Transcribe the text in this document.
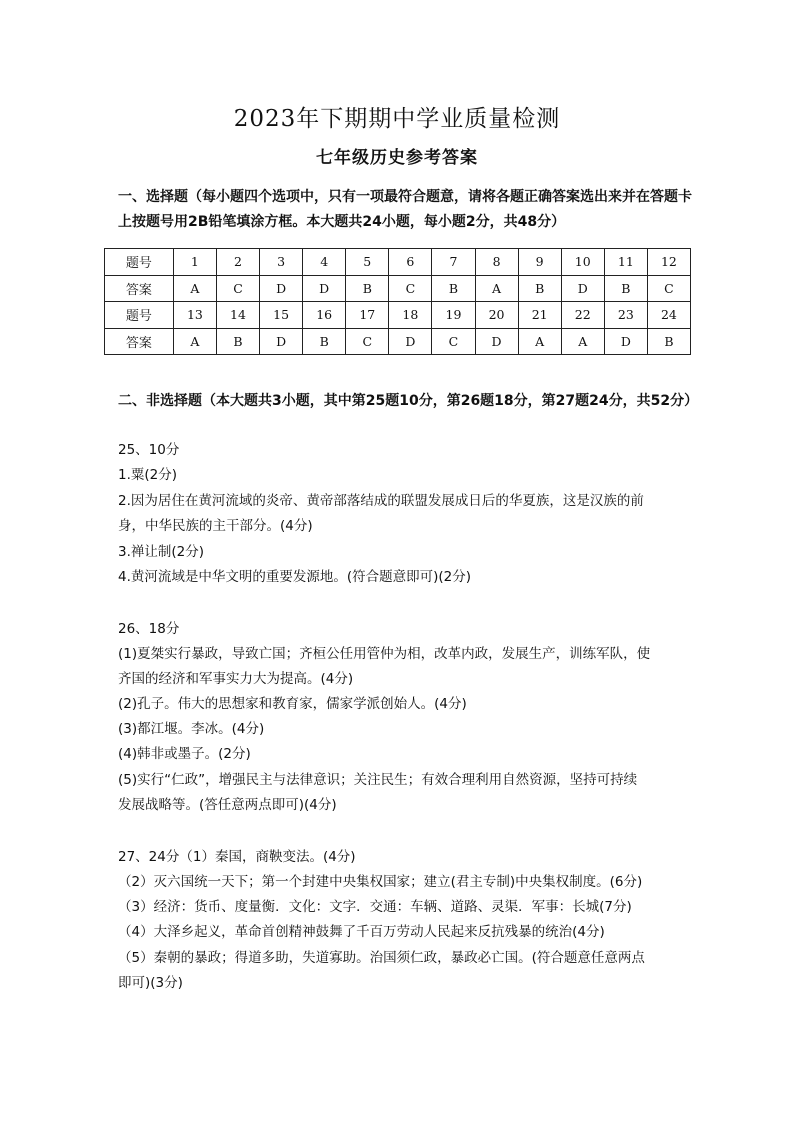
2023年下期期中学业质量检测
七年级历史参考答案
一、选择题（每小题四个选项中，只有一项最符合题意，请将各题正确答案选出来并在答题卡上按题号用2B铅笔填涂方框。本大题共24小题，每小题2分，共48分）
题号	1	2	3	4	5	6	7	8	9	10	11	12
答案	A	C	D	D	B	C	B	A	B	D	B	C
题号	13	14	15	16	17	18	19	20	21	22	23	24
答案	A	B	D	B	C	D	C	D	A	A	D	B
二、非选择题（本大题共3小题，其中第25题10分，第26题18分，第27题24分，共52分）
25、10分
1.粟(2分)
2.因为居住在黄河流域的炎帝、黄帝部落结成的联盟发展成日后的华夏族，这是汉族的前
身，中华民族的主干部分。(4分)
3.禅让制(2分)
4.黄河流域是中华文明的重要发源地。(符合题意即可)(2分)
26、18分
(1)夏桀实行暴政，导致亡国；齐桓公任用管仲为相，改革内政，发展生产，训练军队，使
齐国的经济和军事实力大为提高。(4分)
(2)孔子。伟大的思想家和教育家，儒家学派创始人。(4分)
(3)都江堰。李冰。(4分)
(4)韩非或墨子。(2分)
(5)实行“仁政”，增强民主与法律意识；关注民生；有效合理利用自然资源，坚持可持续
发展战略等。(答任意两点即可)(4分)
27、24分（1）秦国，商鞅变法。(4分)
（2）灭六国统一天下；第一个封建中央集权国家；建立(君主专制)中央集权制度。(6分)
（3）经济：货币、度量衡．文化：文字．交通：车辆、道路、灵渠．军事：长城(7分)
（4）大泽乡起义，革命首创精神鼓舞了千百万劳动人民起来反抗残暴的统治(4分)
（5）秦朝的暴政；得道多助，失道寡助。治国须仁政，暴政必亡国。(符合题意任意两点
即可)(3分)
